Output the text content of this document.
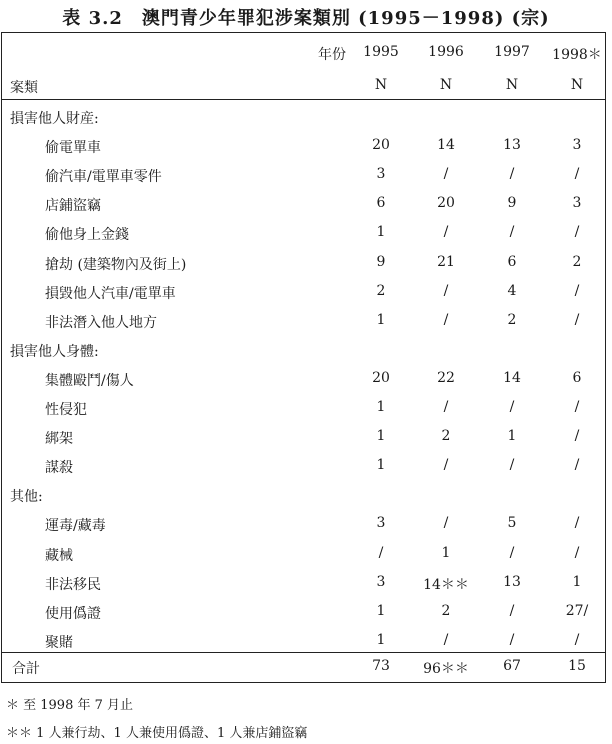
表 3.2　澳門青少年罪犯涉案類別 (1995－1998) (宗)
年份	1995	1996	1997	1998＊
案類	N	N	N	N
損害他人財産:
偷電單車	20	14	13	3
偷汽車/電單車零件	3	/	/	/
店鋪盜竊	6	20	9	3
偷他身上金錢	1	/	/	/
搶劫 (建築物內及街上)	9	21	6	2
損毀他人汽車/電單車	2	/	4	/
非法潛入他人地方	1	/	2	/
損害他人身體:
集體毆鬥/傷人	20	22	14	6
性侵犯	1	/	/	/
綁架	1	2	1	/
謀殺	1	/	/	/
其他:
運毒/藏毒	3	/	5	/
藏械	/	1	/	/
非法移民	3	14＊＊	13	1
使用僞證	1	2	/	27/
聚賭	1	/	/	/
合計	73	96＊＊	67	15
＊ 至 1998 年 7 月止
＊＊ 1 人兼行劫、1 人兼使用僞證、1 人兼店鋪盜竊
